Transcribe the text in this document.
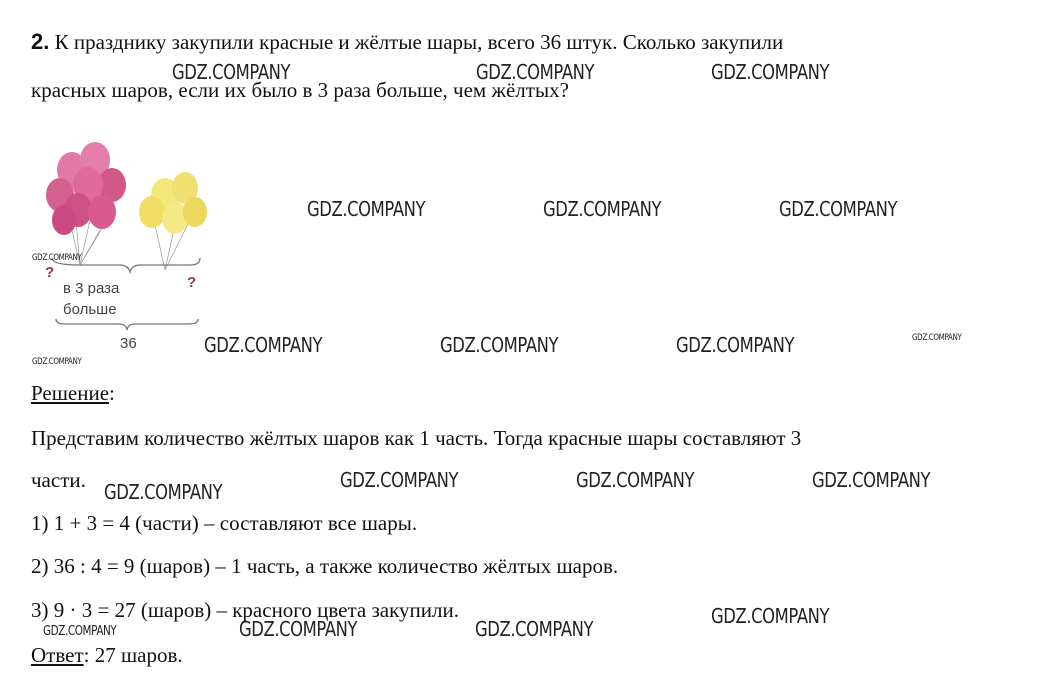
2. К празднику закупили красные и жёлтые шары, всего 36 штук. Сколько закупили
красных шаров, если их было в 3 раза больше, чем жёлтых?
?
?
в 3 раза
больше
36
Решение:
Представим количество жёлтых шаров как 1 часть. Тогда красные шары составляют 3
части.
1) 1 + 3 = 4 (части) – составляют все шары.
2) 36 : 4 = 9 (шаров) – 1 часть, а также количество жёлтых шаров.
3) 9 · 3 = 27 (шаров) – красного цвета закупили.
Ответ: 27 шаров.
GDZ.COMPANY	GDZ.COMPANY	GDZ.COMPANY
GDZ.COMPANY	GDZ.COMPANY	GDZ.COMPANY
GDZ.COMPANY
GDZ.COMPANY	GDZ.COMPANY	GDZ.COMPANY	GDZ.COMPANY
GDZ.COMPANY
GDZ.COMPANY	GDZ.COMPANY	GDZ.COMPANY	GDZ.COMPANY
GDZ.COMPANY
GDZ.COMPANY	GDZ.COMPANY
GDZ.COMPANY
